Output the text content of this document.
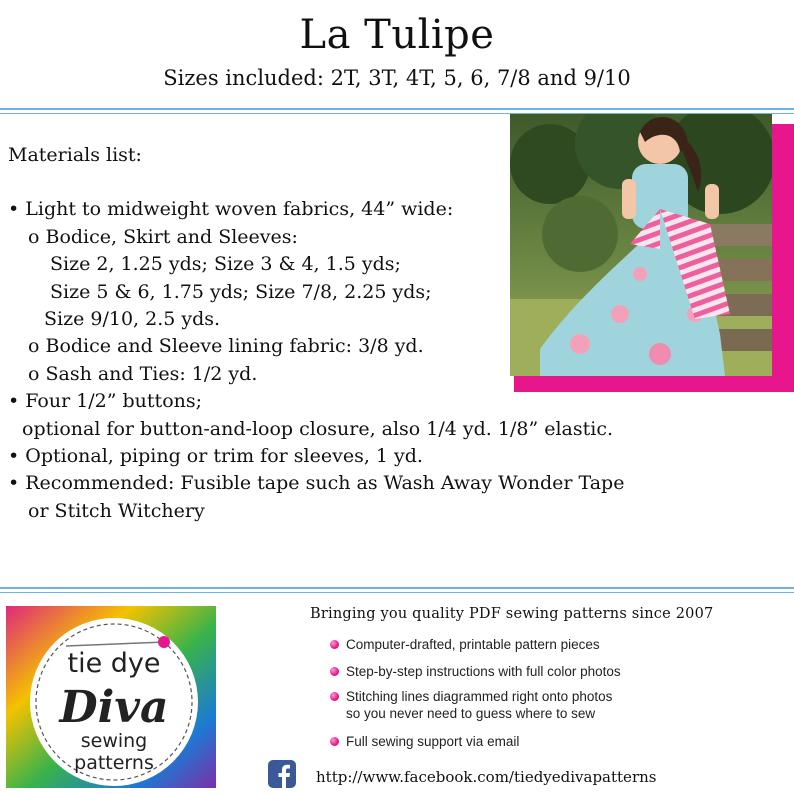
La Tulipe
Sizes included: 2T, 3T, 4T, 5, 6, 7/8 and 9/10
Materials list:
• Light to midweight woven fabrics, 44” wide:
o Bodice, Skirt and Sleeves:
Size 2, 1.25 yds; Size 3 & 4, 1.5 yds;
Size 5 & 6, 1.75 yds; Size 7/8, 2.25 yds;
Size 9/10, 2.5 yds.
o Bodice and Sleeve lining fabric: 3/8 yd.
o Sash and Ties: 1/2 yd.
• Four 1/2” buttons;
optional for button-and-loop closure, also 1/4 yd. 1/8” elastic.
• Optional, piping or trim for sleeves, 1 yd.
• Recommended: Fusible tape such as Wash Away Wonder Tape
or Stitch Witchery
tie dye
Diva
sewing
patterns
Bringing you quality PDF sewing patterns since 2007
Computer-drafted, printable pattern pieces
Step-by-step instructions with full color photos
Stitching lines diagrammed right onto photos
so you never need to guess where to sew
Full sewing support via email
http://www.facebook.com/tiedyedivapatterns
